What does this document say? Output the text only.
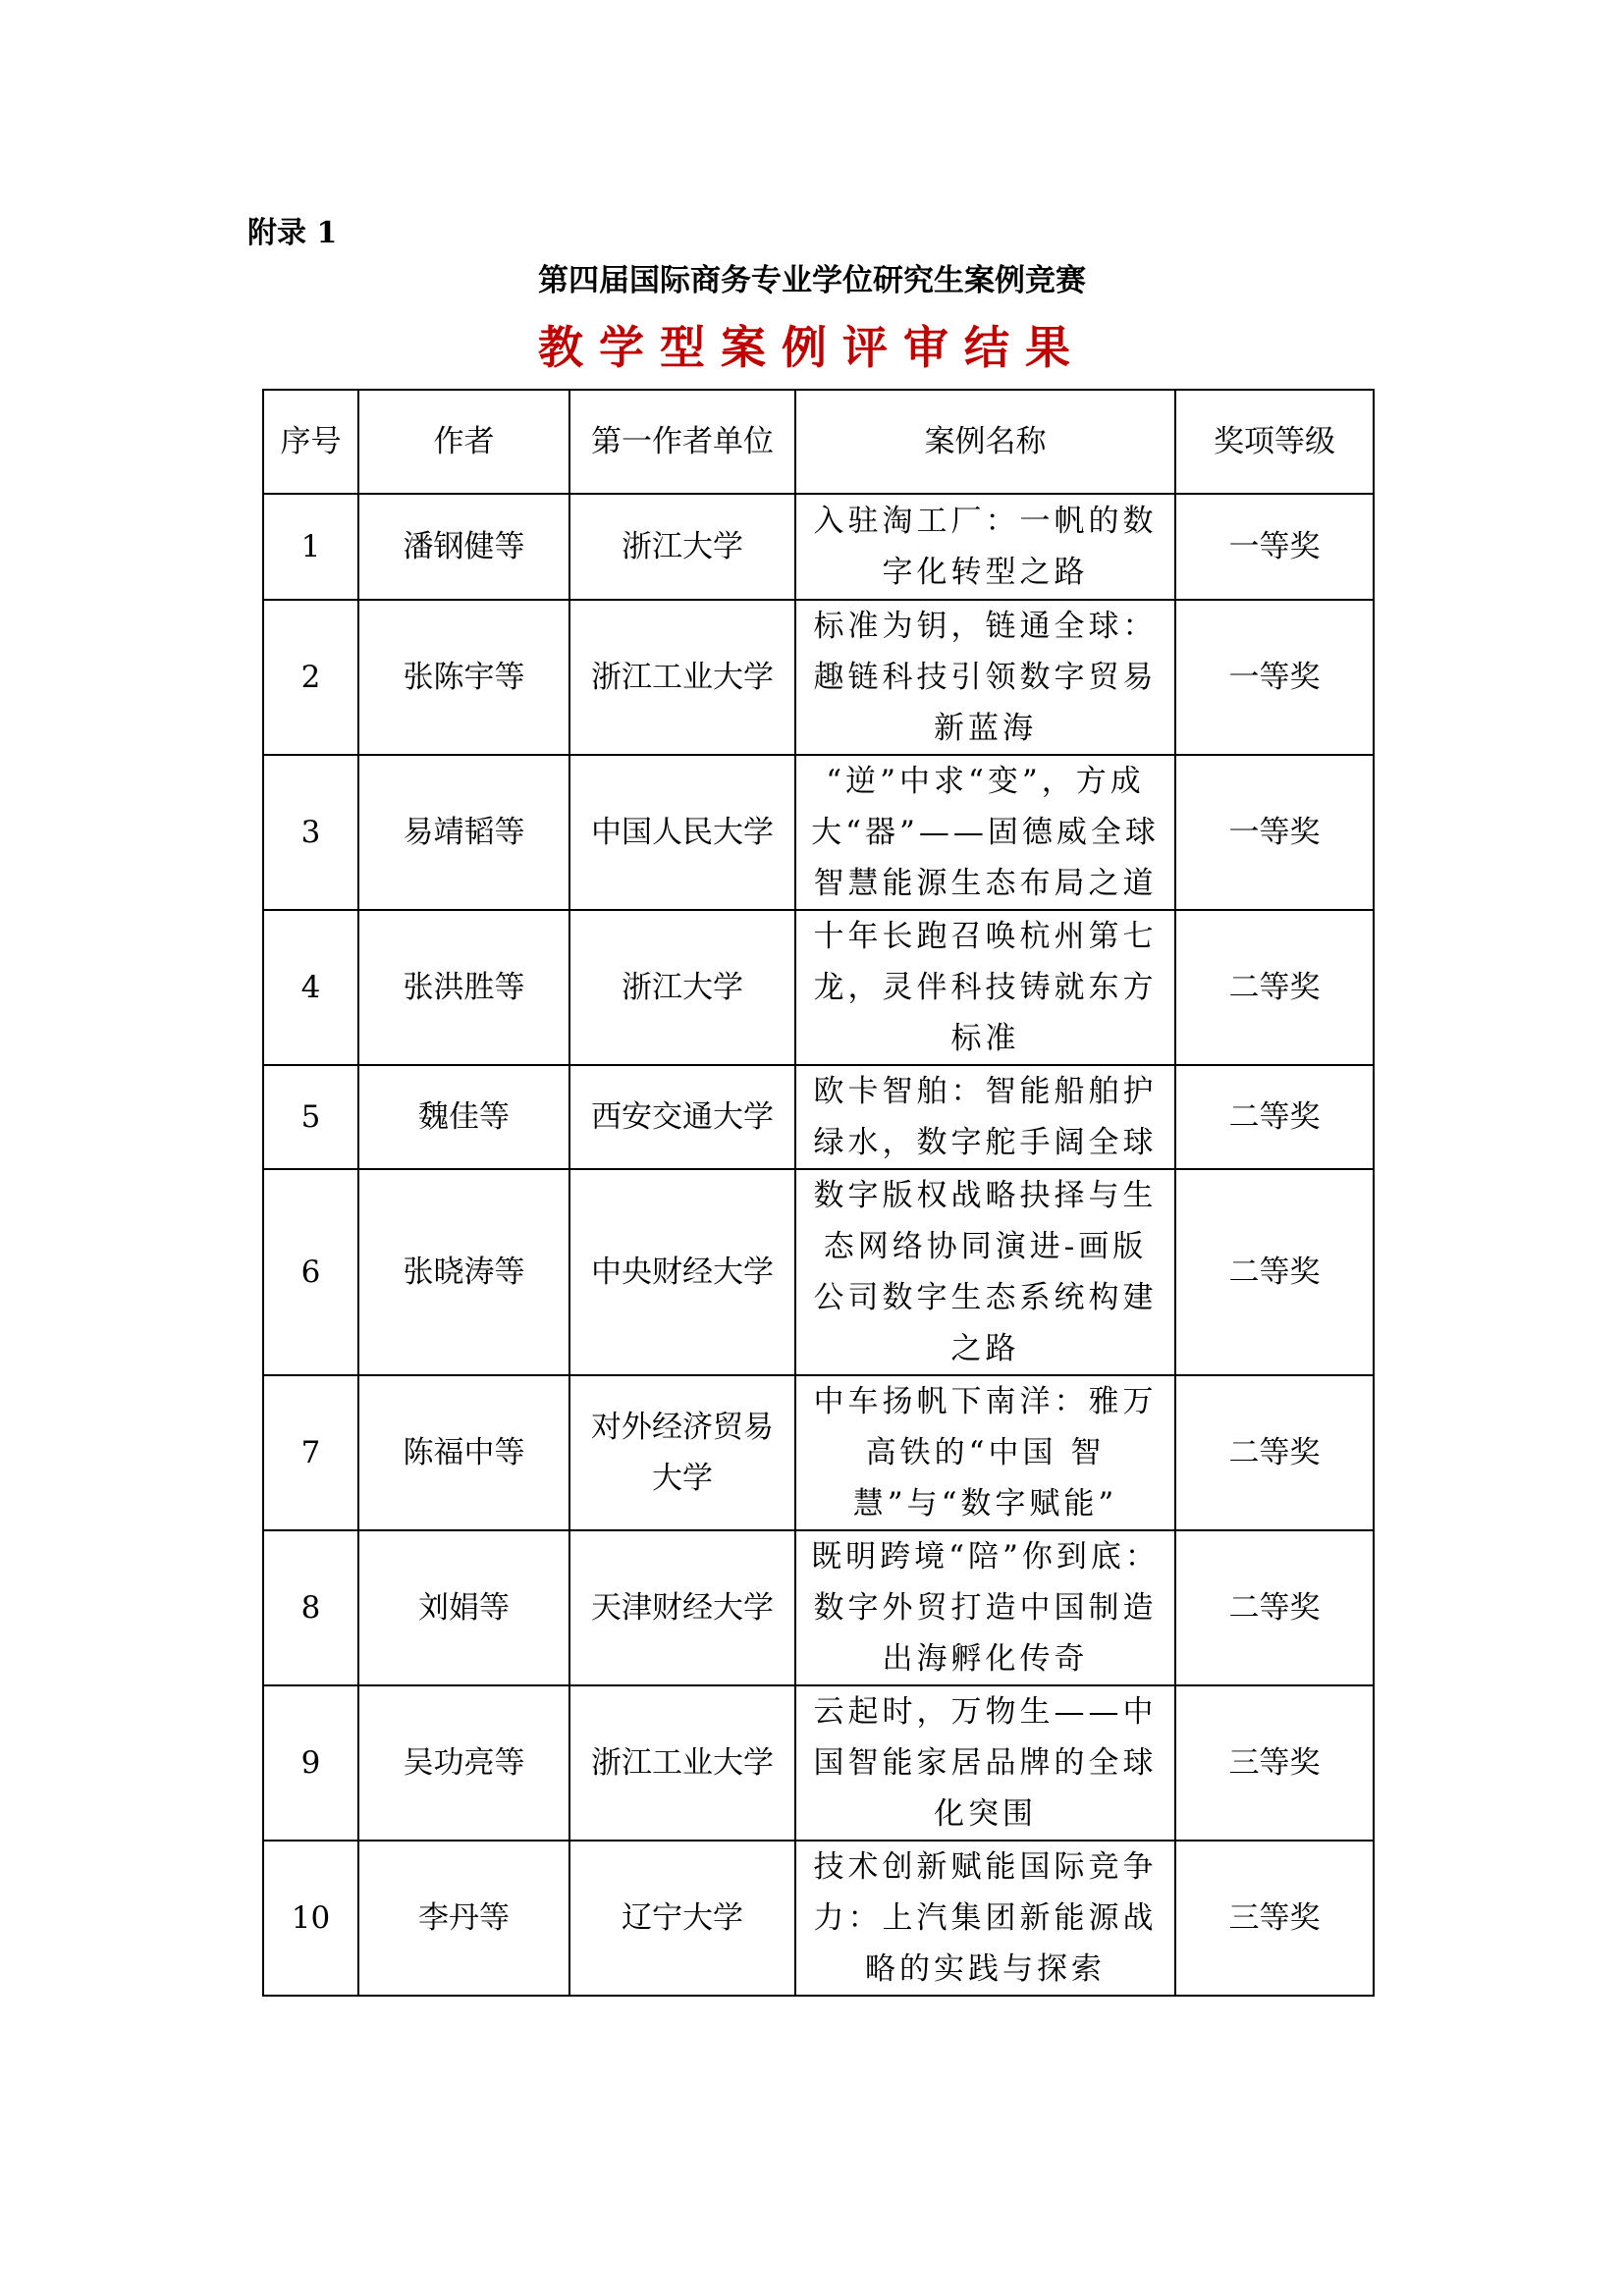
附录 1
第四届国际商务专业学位研究生案例竞赛
教学型案例评审结果
序号	作者	第一作者单位	案例名称	奖项等级
1	潘钢健等	浙江大学	入驻淘工厂：一帆的数字化转型之路	一等奖
2	张陈宇等	浙江工业大学	标准为钥，链通全球：趣链科技引领数字贸易新蓝海	一等奖
3	易靖韬等	中国人民大学	“逆”中求“变”，方成大“器”——固德威全球智慧能源生态布局之道	一等奖
4	张洪胜等	浙江大学	十年长跑召唤杭州第七龙，灵伴科技铸就东方标准	二等奖
5	魏佳等	西安交通大学	欧卡智舶：智能船舶护绿水，数字舵手阔全球	二等奖
6	张晓涛等	中央财经大学	数字版权战略抉择与生态网络协同演进-画版公司数字生态系统构建之路	二等奖
7	陈福中等	对外经济贸易大学	中车扬帆下南洋：雅万高铁的“中国 智慧”与“数字赋能”	二等奖
8	刘娟等	天津财经大学	既明跨境“陪”你到底：数字外贸打造中国制造出海孵化传奇	二等奖
9	吴功亮等	浙江工业大学	云起时，万物生——中国智能家居品牌的全球化突围	三等奖
10	李丹等	辽宁大学	技术创新赋能国际竞争力：上汽集团新能源战略的实践与探索	三等奖
